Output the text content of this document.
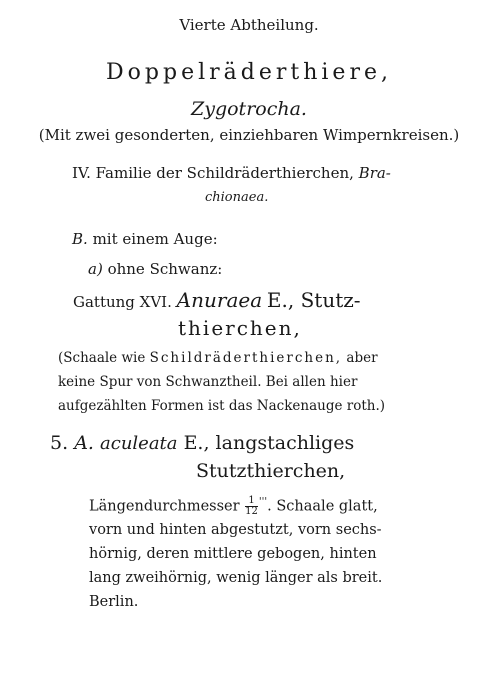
Vierte Abtheilung.
Doppelräderthiere,
Zygotrocha.
(Mit zwei gesonderten, einziehbaren Wimpernkreisen.)
IV. Familie der Schildräderthierchen, Bra-
chionaea.
B. mit einem Auge:
a) ohne Schwanz:
Gattung XVI. Anuraea E., Stutz-
thierchen,
(Schaale wie Schildräderthierchen, aber
keine Spur von Schwanztheil. Bei allen hier
aufgezählten Formen ist das Nackenauge roth.)
5. A. aculeata E., langstachliges
Stutzthierchen,
Längendurchmesser $\frac{1}{12} '''$. Schaale glatt,
vorn und hinten abgestutzt, vorn sechs-
hörnig, deren mittlere gebogen, hinten
lang zweihörnig, wenig länger als breit.
Berlin.
